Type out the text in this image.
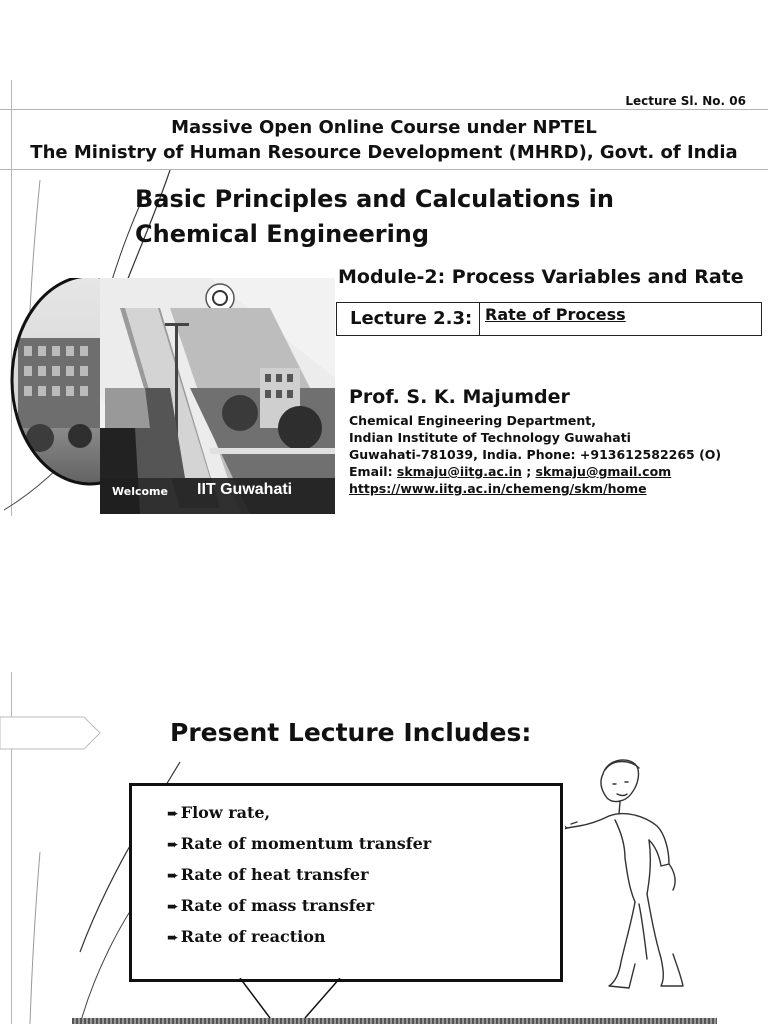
Lecture Sl. No. 06
Massive Open Online Course under NPTEL
The Ministry of Human Resource Development (MHRD), Govt. of India
Basic Principles and Calculations in
Chemical Engineering
Welcome IIT Guwahati
Module-2: Process Variables and Rate
Lecture 2.3: Rate of Process
Prof. S. K. Majumder
Chemical Engineering Department,
Indian Institute of Technology Guwahati
Guwahati-781039, India. Phone: +913612582265 (O)
Email: skmaju@iitg.ac.in ; skmaju@gmail.com
https://www.iitg.ac.in/chemeng/skm/home
Present Lecture Includes:
➨ Flow rate,
➨ Rate of momentum transfer
➨ Rate of heat transfer
➨ Rate of mass transfer
➨ Rate of reaction
